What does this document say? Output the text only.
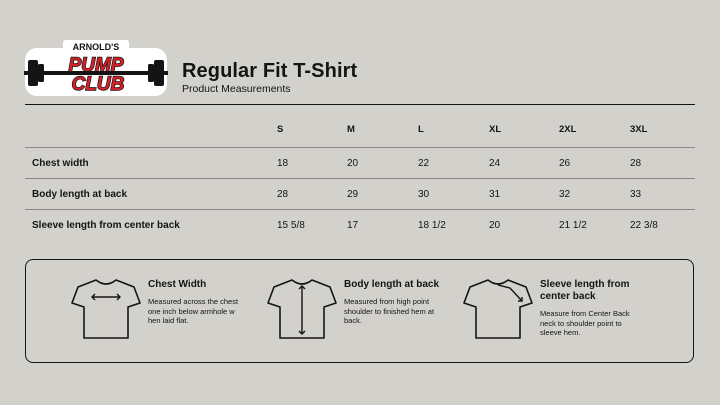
ARNOLD'S
PUMP
CLUB
Regular Fit T-Shirt
Product Measurements
	S	M	L	XL	2XL	3XL
Chest width	18	20	22	24	26	28
Body length at back	28	29	30	31	32	33
Sleeve length from center back	15 5/8	17	18 1/2	20	21 1/2	22 3/8
Chest Width
Measured across the chest one inch below armhole w hen laid flat.
Body length at back
Measured from high point shoulder to finished hem at back.
Sleeve length from center back
Measure from Center Back neck to shoulder point to sleeve hem.
